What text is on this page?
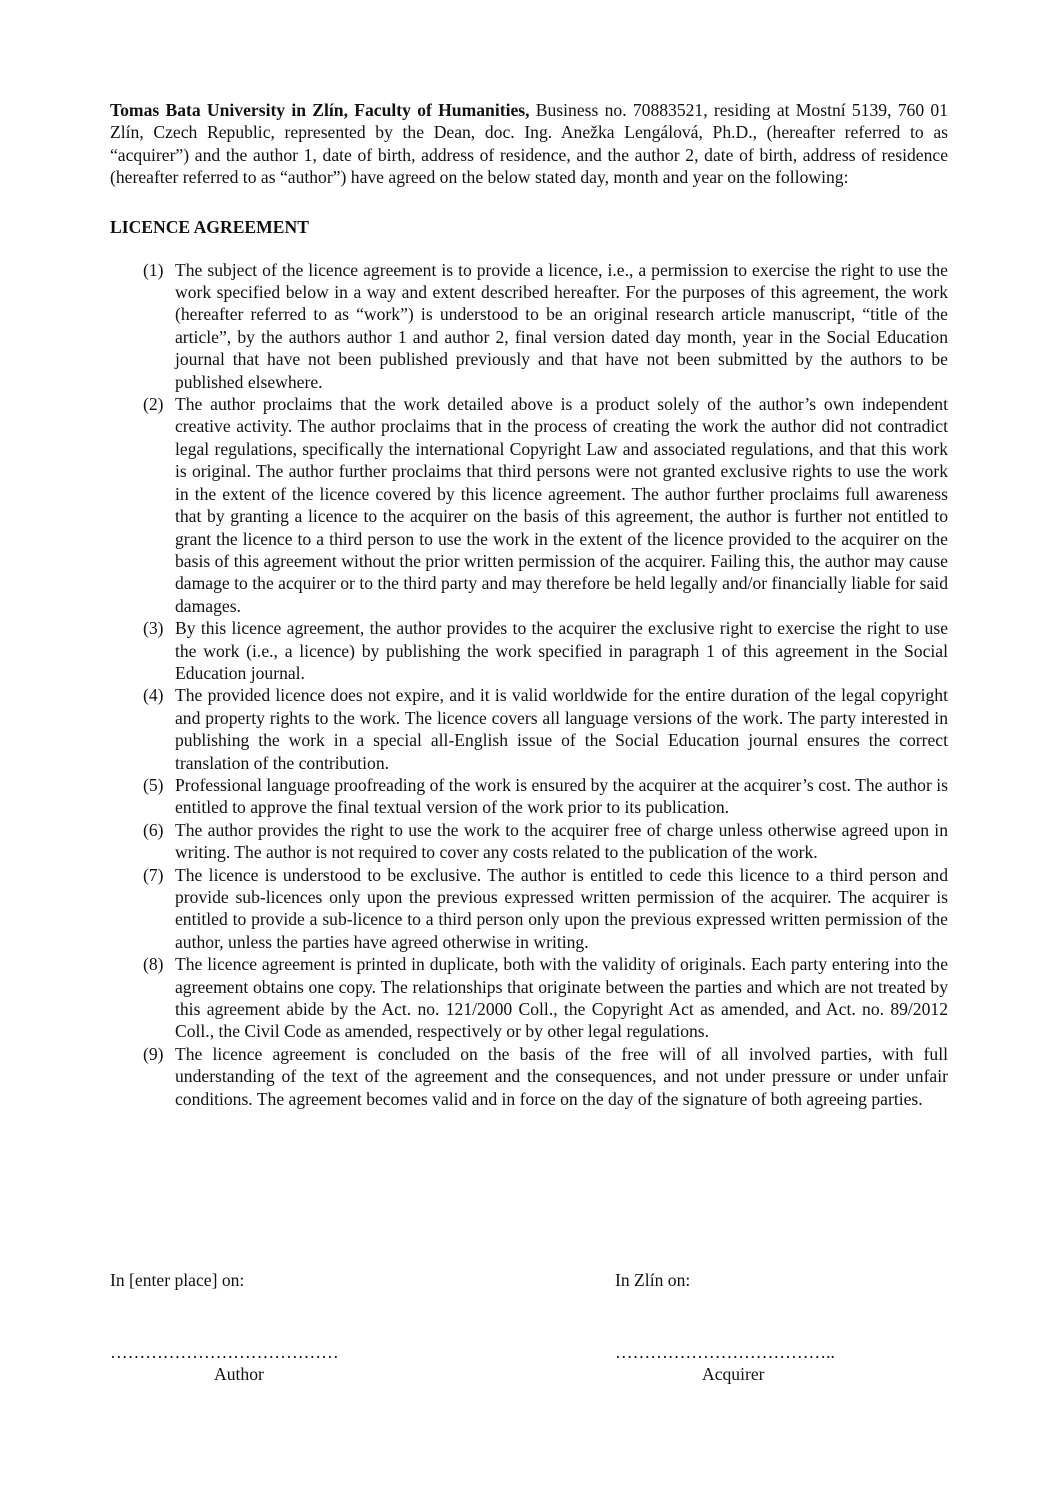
Tomas Bata University in Zlín, Faculty of Humanities, Business no. 70883521, residing at Mostní 5139, 760 01 Zlín, Czech Republic, represented by the Dean, doc. Ing. Anežka Lengálová, Ph.D., (hereafter referred to as “acquirer”) and the author 1, date of birth, address of residence, and the author 2, date of birth, address of residence (hereafter referred to as “author”) have agreed on the below stated day, month and year on the following:

LICENCE AGREEMENT
(1) The subject of the licence agreement is to provide a licence, i.e., a permission to exercise the right to use the work specified below in a way and extent described hereafter. For the purposes of this agreement, the work (hereafter referred to as “work”) is understood to be an original research article manuscript, “title of the article”, by the authors author 1 and author 2, final version dated day month, year in the Social Education journal that have not been published previously and that have not been submitted by the authors to be published elsewhere.
(2) The author proclaims that the work detailed above is a product solely of the author’s own independent creative activity. The author proclaims that in the process of creating the work the author did not contradict legal regulations, specifically the international Copyright Law and associated regulations, and that this work is original. The author further proclaims that third persons were not granted exclusive rights to use the work in the extent of the licence covered by this licence agreement. The author further proclaims full awareness that by granting a licence to the acquirer on the basis of this agreement, the author is further not entitled to grant the licence to a third person to use the work in the extent of the licence provided to the acquirer on the basis of this agreement without the prior written permission of the acquirer. Failing this, the author may cause damage to the acquirer or to the third party and may therefore be held legally and/or financially liable for said damages.
(3) By this licence agreement, the author provides to the acquirer the exclusive right to exercise the right to use the work (i.e., a licence) by publishing the work specified in paragraph 1 of this agreement in the Social Education journal.
(4) The provided licence does not expire, and it is valid worldwide for the entire duration of the legal copyright and property rights to the work. The licence covers all language versions of the work. The party interested in publishing the work in a special all-English issue of the Social Education journal ensures the correct translation of the contribution.
(5) Professional language proofreading of the work is ensured by the acquirer at the acquirer’s cost. The author is entitled to approve the final textual version of the work prior to its publication.
(6) The author provides the right to use the work to the acquirer free of charge unless otherwise agreed upon in writing. The author is not required to cover any costs related to the publication of the work.
(7) The licence is understood to be exclusive. The author is entitled to cede this licence to a third person and provide sub-licences only upon the previous expressed written permission of the acquirer. The acquirer is entitled to provide a sub-licence to a third person only upon the previous expressed written permission of the author, unless the parties have agreed otherwise in writing.
(8) The licence agreement is printed in duplicate, both with the validity of originals. Each party entering into the agreement obtains one copy. The relationships that originate between the parties and which are not treated by this agreement abide by the Act. no. 121/2000 Coll., the Copyright Act as amended, and Act. no. 89/2012 Coll., the Civil Code as amended, respectively or by other legal regulations.
(9) The licence agreement is concluded on the basis of the free will of all involved parties, with full understanding of the text of the agreement and the consequences, and not under pressure or under unfair conditions. The agreement becomes valid and in force on the day of the signature of both agreeing parties.
In [enter place] on:
…………………………………
Author
In Zlín on:
………………………………..
Acquirer
